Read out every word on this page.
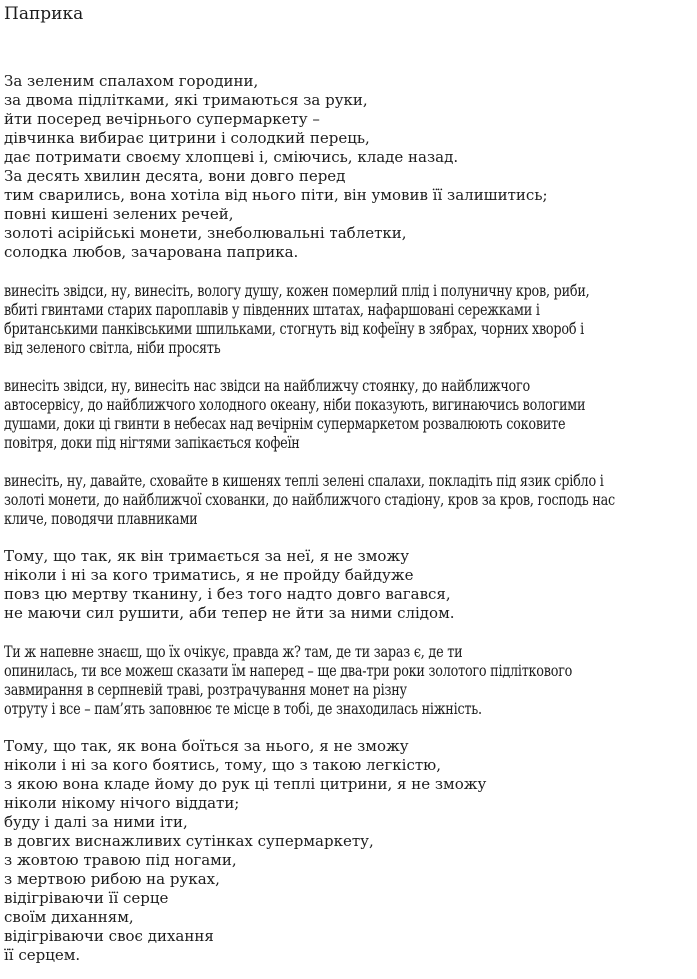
Паприка
За зеленим спалахом городини,
за двома підлітками, які тримаються за руки,
йти посеред вечірнього супермаркету –
дівчинка вибирає цитрини і солодкий перець,
дає потримати своєму хлопцеві і, сміючись, кладе назад.
За десять хвилин десята, вони довго перед
тим сварились, вона хотіла від нього піти, він умовив її залишитись;
повні кишені зелених речей,
золоті асірійські монети, знеболювальні таблетки,
солодка любов, зачарована паприка.
винесіть звідси, ну, винесіть, вологу душу, кожен померлий плід і полуничну кров, риби,
вбиті гвинтами старих пароплавів у південних штатах, нафаршовані сережками і
британськими панківськими шпильками, стогнуть від кофеїну в зябрах, чорних хвороб і
від зеленого світла, ніби просять
винесіть звідси, ну, винесіть нас звідси на найближчу стоянку, до найближчого
автосервісу, до найближчого холодного океану, ніби показують, вигинаючись вологими
душами, доки ці гвинти в небесах над вечірнім супермаркетом розвалюють соковите
повітря, доки під нігтями запікається кофеїн
винесіть, ну, давайте, сховайте в кишенях теплі зелені спалахи, покладіть під язик срібло і
золоті монети, до найближчої схованки, до найближчого стадіону, кров за кров, господь нас
кличе, поводячи плавниками
Тому, що так, як він тримається за неї, я не зможу
ніколи і ні за кого триматись, я не пройду байдуже
повз цю мертву тканину, і без того надто довго вагався,
не маючи сил рушити, аби тепер не йти за ними слідом.
Ти ж напевне знаєш, що їх очікує, правда ж? там, де ти зараз є, де ти
опинилась, ти все можеш сказати їм наперед – ще два-три роки золотого підліткового
завмирання в серпневій траві, розтрачування монет на різну
отруту і все – пам’ять заповнює те місце в тобі, де знаходилась ніжність.
Тому, що так, як вона боїться за нього, я не зможу
ніколи і ні за кого боятись, тому, що з такою легкістю,
з якою вона кладе йому до рук ці теплі цитрини, я не зможу
ніколи нікому нічого віддати;
буду і далі за ними іти,
в довгих виснажливих сутінках супермаркету,
з жовтою травою під ногами,
з мертвою рибою на руках,
відігріваючи її серце
своїм диханням,
відігріваючи своє дихання
її серцем.
